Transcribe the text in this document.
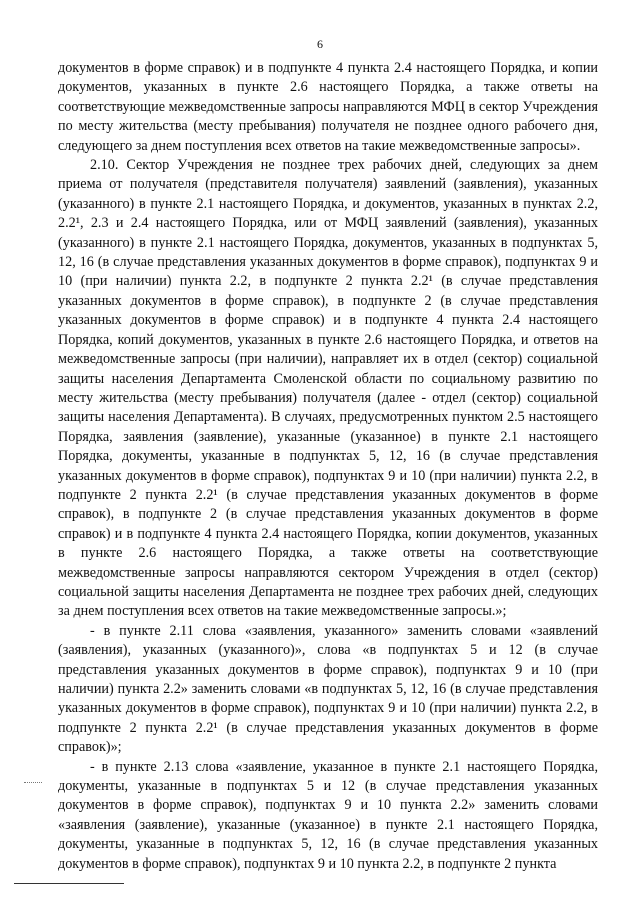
6

документов в форме справок) и в подпунктe 4 пункта 2.4 настоящего Порядка, и копии документов, указанных в пункте 2.6 настоящего Порядка, а также ответы на соответствующие межведомственные запросы направляются МФЦ в сектор Учреждения по месту жительства (месту пребывания) получателя не позднее одного рабочего дня, следующего за днем поступления всех ответов на такие межведомственные запросы».

2.10. Сектор Учреждения не позднее трех рабочих дней, следующих за днем приема от получателя (представителя получателя) заявлений (заявления), указанных (указанного) в пункте 2.1 настоящего Порядка, и документов, указанных в пунктах 2.2, 2.2¹, 2.3 и 2.4 настоящего Порядка, или от МФЦ заявлений (заявления), указанных (указанного) в пункте 2.1 настоящего Порядка, документов, указанных в подпунктах 5, 12, 16 (в случае представления указанных документов в форме справок), подпунктах 9 и 10 (при наличии) пункта 2.2, в подпункте 2 пункта 2.2¹ (в случае представления указанных документов в форме справок), в подпункте 2 (в случае представления указанных документов в форме справок) и в подпункте 4 пункта 2.4 настоящего Порядка, копий документов, указанных в пункте 2.6 настоящего Порядка, и ответов на межведомственные запросы (при наличии), направляет их в отдел (сектор) социальной защиты населения Департамента Смоленской области по социальному развитию по месту жительства (месту пребывания) получателя (далее - отдел (сектор) социальной защиты населения Департамента). В случаях, предусмотренных пунктом 2.5 настоящего Порядка, заявления (заявление), указанные (указанное) в пункте 2.1 настоящего Порядка, документы, указанные в подпунктах 5, 12, 16 (в случае представления указанных документов в форме справок), подпунктах 9 и 10 (при наличии) пункта 2.2, в подпункте 2 пункта 2.2¹ (в случае представления указанных документов в форме справок), в подпункте 2 (в случае представления указанных документов в форме справок) и в подпункте 4 пункта 2.4 настоящего Порядка, копии документов, указанных в пункте 2.6 настоящего Порядка, а также ответы на соответствующие межведомственные запросы направляются сектором Учреждения в отдел (сектор) социальной защиты населения Департамента не позднее трех рабочих дней, следующих за днем поступления всех ответов на такие межведомственные запросы.»;

- в пункте 2.11 слова «заявления, указанного» заменить словами «заявлений (заявления), указанных (указанного)», слова «в подпунктах 5 и 12 (в случае представления указанных документов в форме справок), подпунктах 9 и 10 (при наличии) пункта 2.2» заменить словами «в подпунктах 5, 12, 16 (в случае представления указанных документов в форме справок), подпунктах 9 и 10 (при наличии) пункта 2.2, в подпункте 2 пункта 2.2¹ (в случае представления указанных документов в форме справок)»;

- в пункте 2.13 слова «заявление, указанное в пункте 2.1 настоящего Порядка, документы, указанные в подпунктах 5 и 12 (в случае представления указанных документов в форме справок), подпунктах 9 и 10 пункта 2.2» заменить словами «заявления (заявление), указанные (указанное) в пункте 2.1 настоящего Порядка, документы, указанные в подпунктах 5, 12, 16 (в случае представления указанных документов в форме справок), подпунктах 9 и 10 пункта 2.2, в подпункте 2 пункта
